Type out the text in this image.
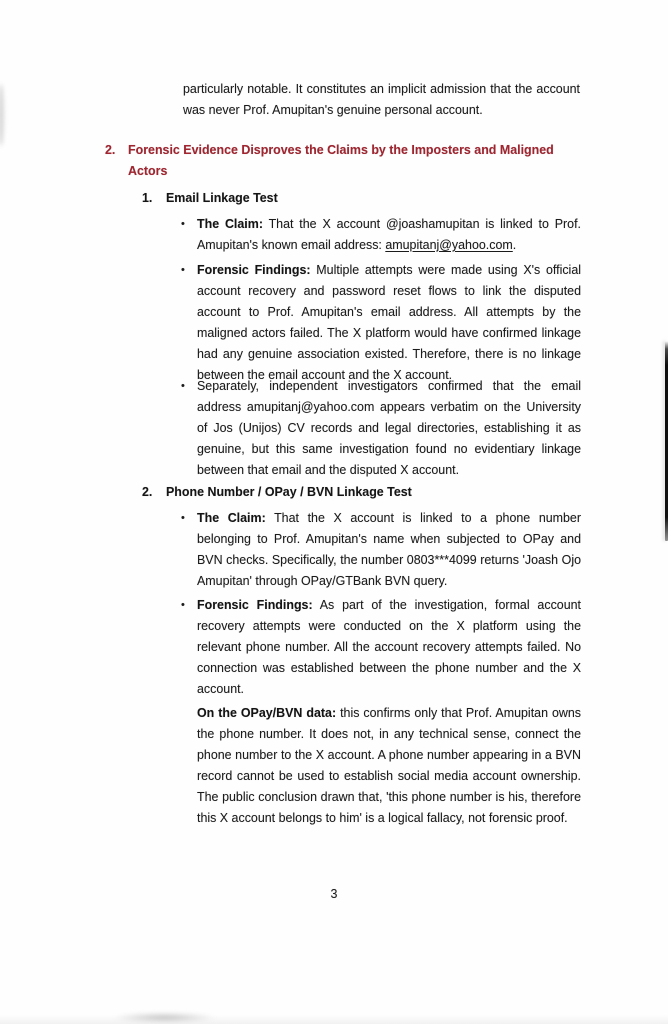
particularly notable. It constitutes an implicit admission that the account was never Prof. Amupitan's genuine personal account.

2.	Forensic Evidence Disproves the Claims by the Imposters and Maligned Actors
1.	Email Linkage Test
• The Claim: That the X account @joashamupitan is linked to Prof. Amupitan's known email address: amupitanj@yahoo.com.
• Forensic Findings: Multiple attempts were made using X's official account recovery and password reset flows to link the disputed account to Prof. Amupitan's email address. All attempts by the maligned actors failed. The X platform would have confirmed linkage had any genuine association existed. Therefore, there is no linkage between the email account and the X account.
• Separately, independent investigators confirmed that the email address amupitanj@yahoo.com appears verbatim on the University of Jos (Unijos) CV records and legal directories, establishing it as genuine, but this same investigation found no evidentiary linkage between that email and the disputed X account.
2.	Phone Number / OPay / BVN Linkage Test
• The Claim: That the X account is linked to a phone number belonging to Prof. Amupitan's name when subjected to OPay and BVN checks. Specifically, the number 0803***4099 returns 'Joash Ojo Amupitan' through OPay/GTBank BVN query.
• Forensic Findings: As part of the investigation, formal account recovery attempts were conducted on the X platform using the relevant phone number. All the account recovery attempts failed. No connection was established between the phone number and the X account.
On the OPay/BVN data: this confirms only that Prof. Amupitan owns the phone number. It does not, in any technical sense, connect the phone number to the X account. A phone number appearing in a BVN record cannot be used to establish social media account ownership. The public conclusion drawn that, 'this phone number is his, therefore this X account belongs to him' is a logical fallacy, not forensic proof.
3
